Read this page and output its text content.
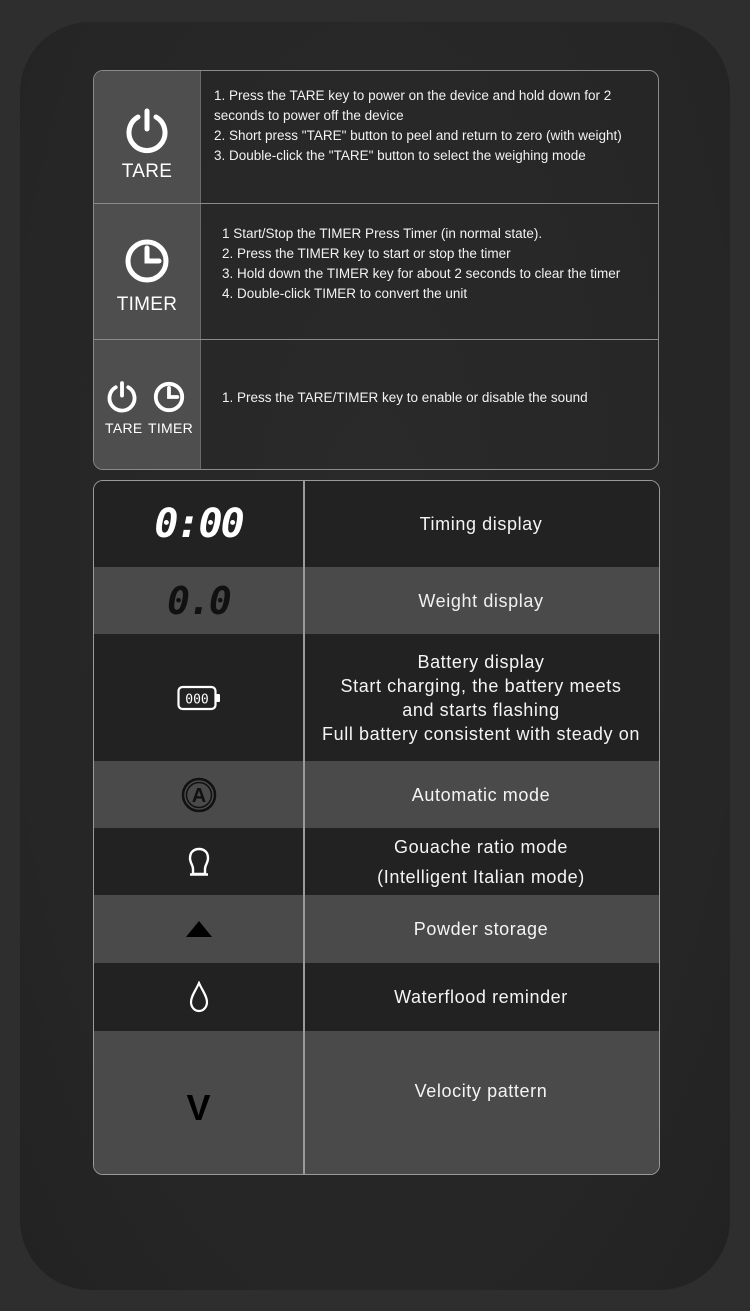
TARE
1. Press the TARE key to power on the device and hold down for 2 seconds to power off the device
2. Short press "TARE" button to peel and return to zero (with weight)
3. Double-click the "TARE" button to select the weighing mode
TIMER
1 Start/Stop the TIMER Press Timer (in normal state).
2. Press the TIMER key to start or stop the timer
3. Hold down the TIMER key for about 2 seconds to clear the timer
4. Double-click TIMER to convert the unit
TARE TIMER
1. Press the TARE/TIMER key to enable or disable the sound
0:00	Timing display
0.0	Weight display
000
Battery display
Start charging, the battery meets
and starts flashing
Full battery consistent with steady on
A	Automatic mode
Gouache ratio mode
(Intelligent Italian mode)
Powder storage
Waterflood reminder
V	Velocity pattern
